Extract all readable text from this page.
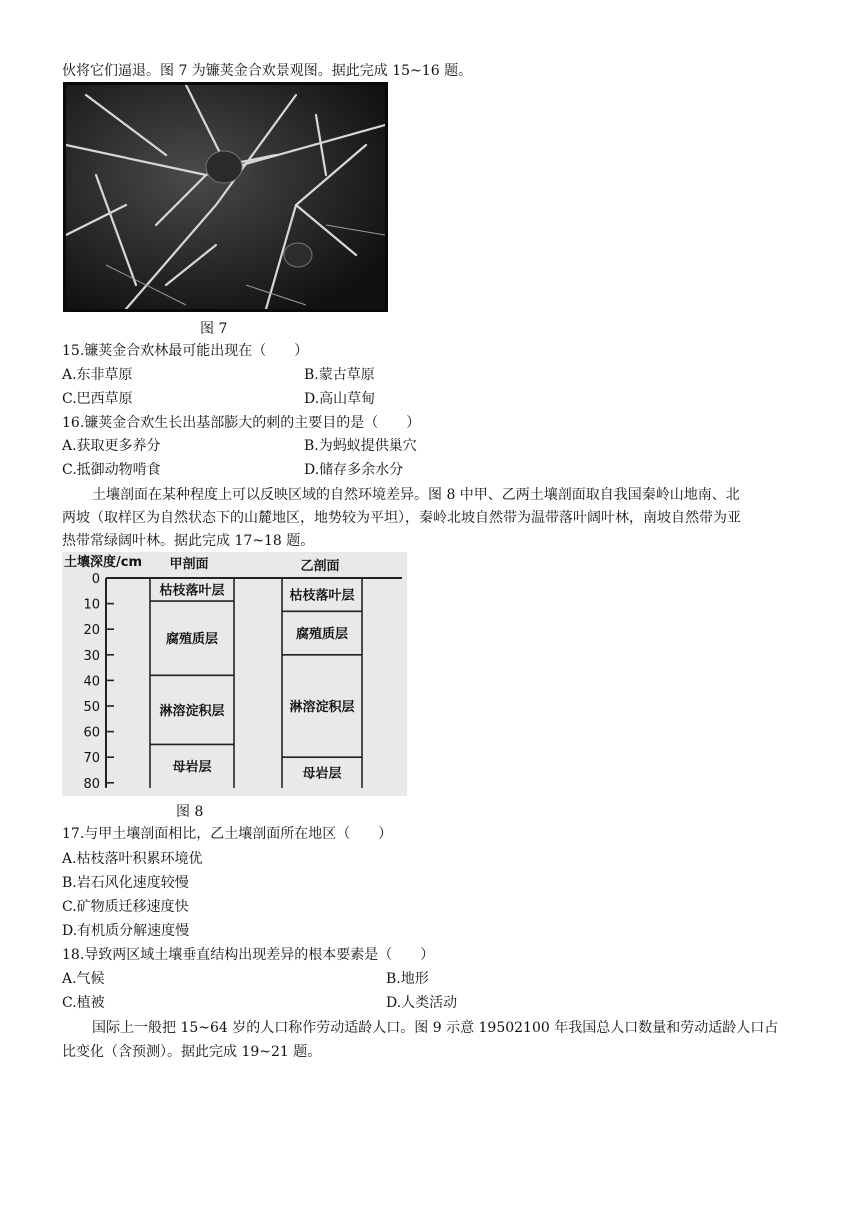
伙将它们逼退。图 7 为镰荚金合欢景观图。据此完成 15~16 题。
图 7
15.镰荚金合欢林最可能出现在（　　）
A.东非草原	B.蒙古草原
C.巴西草原	D.高山草甸
16.镰荚金合欢生长出基部膨大的刺的主要目的是（　　）
A.获取更多养分	B.为蚂蚁提供巢穴
C.抵御动物啃食	D.储存多余水分
土壤剖面在某种程度上可以反映区域的自然环境差异。图 8 中甲、乙两土壤剖面取自我国秦岭山地南、北
两坡（取样区为自然状态下的山麓地区，地势较为平坦），秦岭北坡自然带为温带落叶阔叶林，南坡自然带为亚
热带常绿阔叶林。据此完成 17~18 题。
土壤深度/cm 甲剖面	乙剖面
0
10
20
30
40
50
60
70
80
枯枝落叶层
腐殖质层
淋溶淀积层
母岩层
枯枝落叶层
腐殖质层
淋溶淀积层
母岩层
图 8
17.与甲土壤剖面相比，乙土壤剖面所在地区（　　）
A.枯枝落叶积累环境优
B.岩石风化速度较慢
C.矿物质迁移速度快
D.有机质分解速度慢
18.导致两区域土壤垂直结构出现差异的根本要素是（　　）
A.气候	B.地形
C.植被	D.人类活动
国际上一般把 15~64 岁的人口称作劳动适龄人口。图 9 示意 19502100 年我国总人口数量和劳动适龄人口占
比变化（含预测）。据此完成 19~21 题。
